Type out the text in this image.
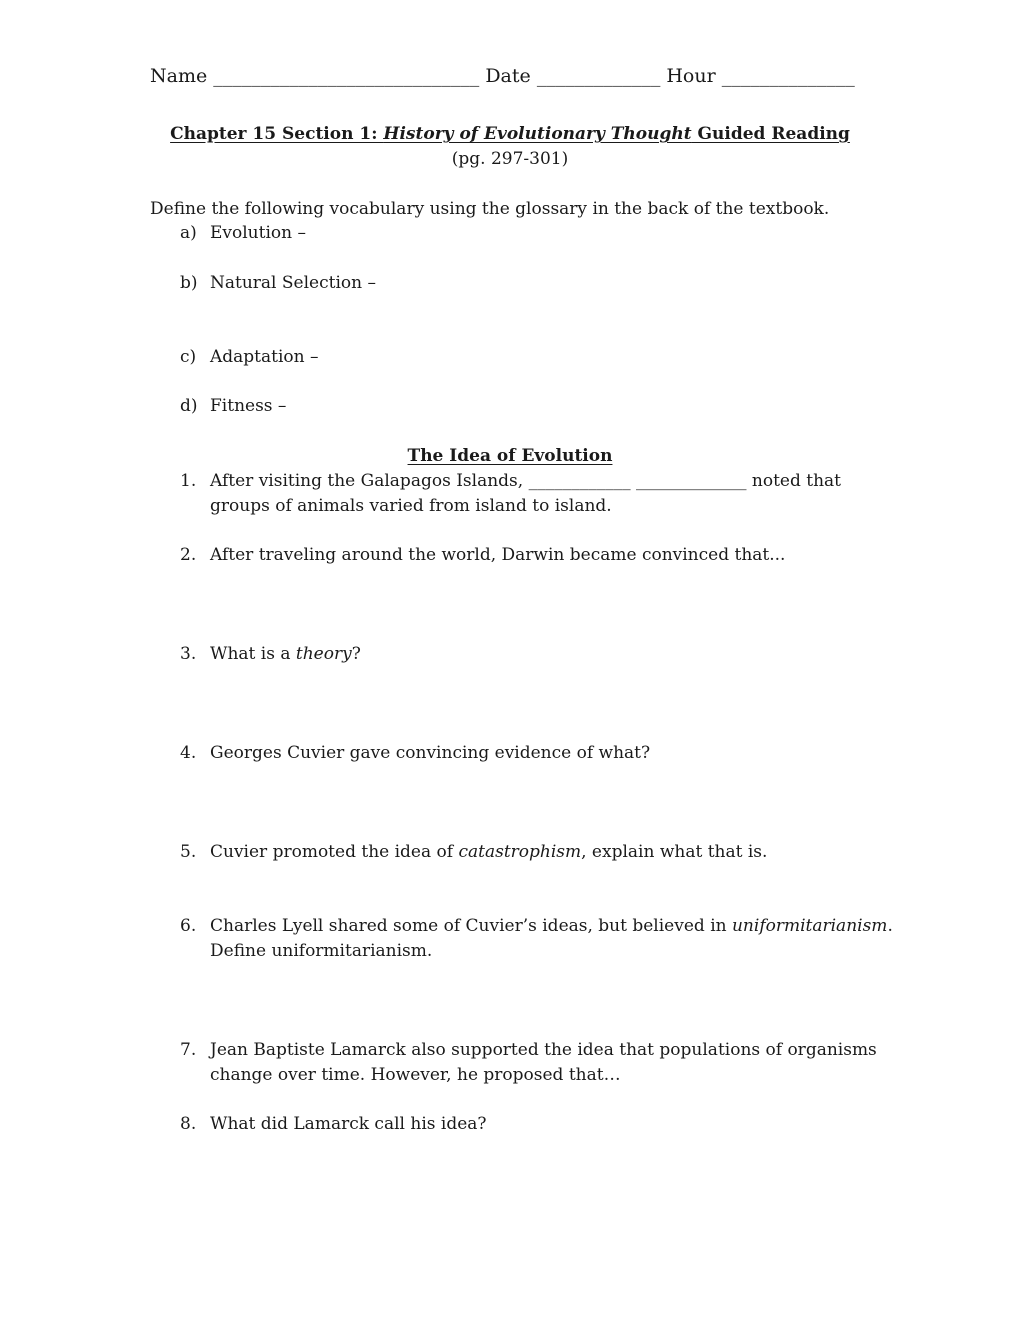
Name ____________________________ Date _____________ Hour ______________
Chapter 15 Section 1: History of Evolutionary Thought Guided Reading
(pg. 297-301)
Define the following vocabulary using the glossary in the back of the textbook.
a) Evolution –
b) Natural Selection –
c) Adaptation –
d) Fitness –
The Idea of Evolution
1. After visiting the Galapagos Islands, ____________ _____________ noted that
groups of animals varied from island to island.
2. After traveling around the world, Darwin became convinced that...
3. What is a theory?
4. Georges Cuvier gave convincing evidence of what?
5. Cuvier promoted the idea of catastrophism, explain what that is.
6. Charles Lyell shared some of Cuvier’s ideas, but believed in uniformitarianism.
Define uniformitarianism.
7. Jean Baptiste Lamarck also supported the idea that populations of organisms
change over time. However, he proposed that…
8. What did Lamarck call his idea?
